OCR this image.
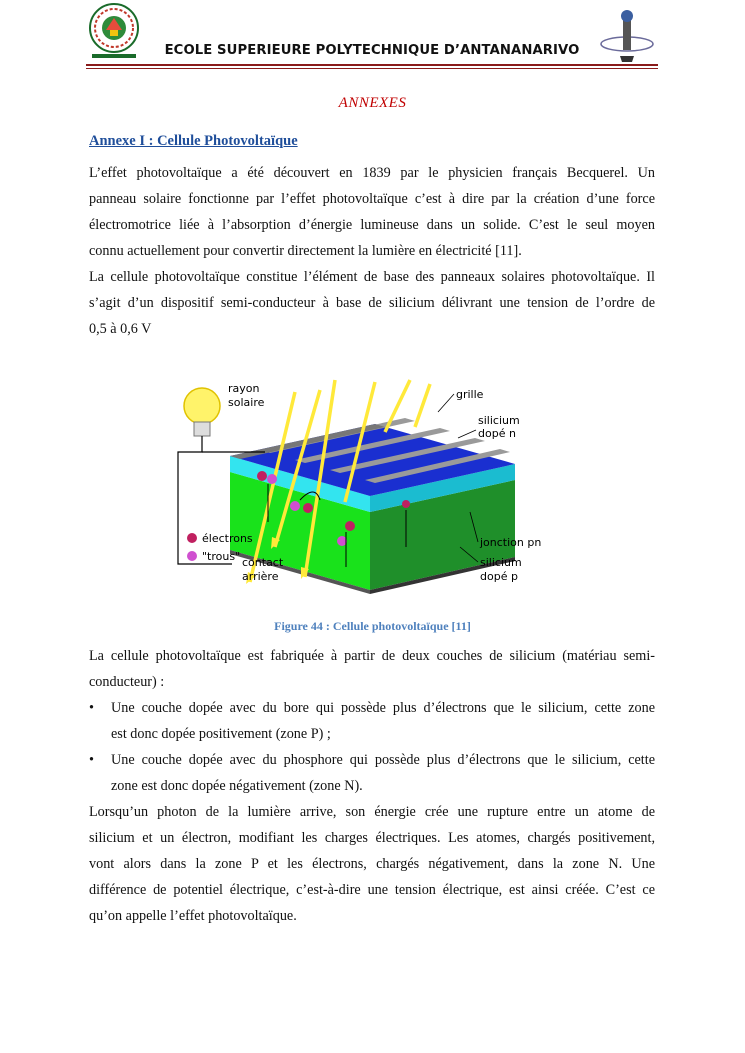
ECOLE SUPERIEURE POLYTECHNIQUE D’ANTANANARIVO
ANNEXES
Annexe I : Cellule Photovoltaïque
L’effet photovoltaïque a été découvert en 1839 par le physicien français Becquerel. Un
panneau solaire fonctionne par l’effet photovoltaïque c’est à dire par la création d’une force
électromotrice liée à l’absorption d’énergie lumineuse dans un solide. C’est le seul moyen
connu actuellement pour convertir directement la lumière en électricité [11].
La cellule photovoltaïque constitue l’élément de base des panneaux solaires photovoltaïque. Il
s’agit d’un dispositif semi-conducteur à base de silicium délivrant une tension de l’ordre de
0,5 à 0,6 V
électrons
"trous" contact
arrière
rayon
solaire
grille
silicium
dopé n
jonction pn
silicium
dopé p
Figure 44 : Cellule photovoltaïque [11]
La cellule photovoltaïque est fabriquée à partir de deux couches de silicium (matériau semi-
conducteur) :
• Une couche dopée avec du bore qui possède plus d’électrons que le silicium, cette zone
est donc dopée positivement (zone P) ;
• Une couche dopée avec du phosphore qui possède plus d’électrons que le silicium, cette
zone est donc dopée négativement (zone N).
Lorsqu’un photon de la lumière arrive, son énergie crée une rupture entre un atome de
silicium et un électron, modifiant les charges électriques. Les atomes, chargés positivement,
vont alors dans la zone P et les électrons, chargés négativement, dans la zone N. Une
différence de potentiel électrique, c’est-à-dire une tension électrique, est ainsi créée. C’est ce
qu’on appelle l’effet photovoltaïque.
